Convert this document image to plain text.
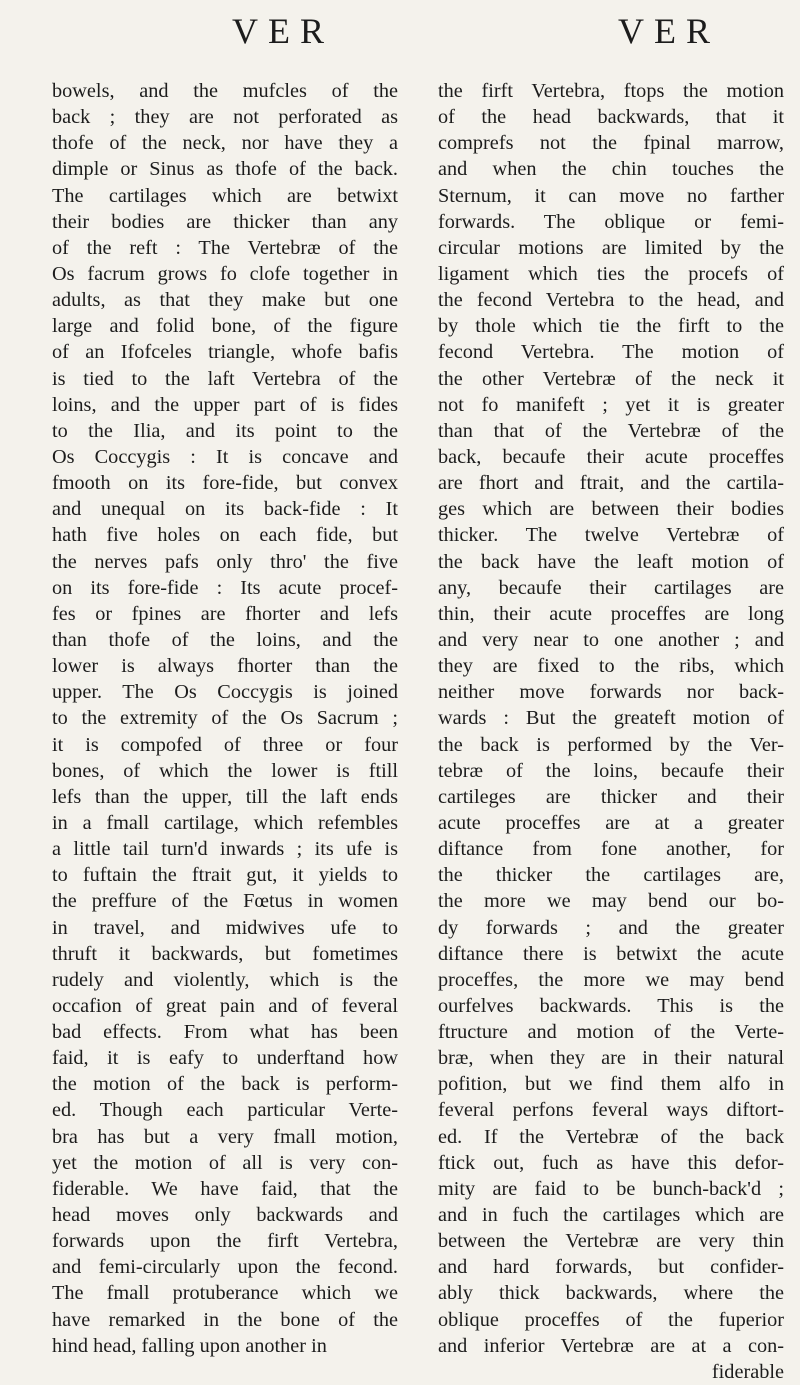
VER	VER
bowels, and the mufcles of the
back ; they are not perforated as
thofe of the neck, nor have they a
dimple or Sinus as thofe of the back.
The cartilages which are betwixt
their bodies are thicker than any
of the reft : The Vertebræ of the
Os facrum grows fo clofe together in
adults, as that they make but one
large and folid bone, of the figure
of an Ifofceles triangle, whofe bafis
is tied to the laft Vertebra of the
loins, and the upper part of is fides
to the Ilia, and its point to the
Os Coccygis : It is concave and
fmooth on its fore-fide, but convex
and unequal on its back-fide : It
hath five holes on each fide, but
the nerves pafs only thro' the five
on its fore-fide : Its acute procef-
fes or fpines are fhorter and lefs
than thofe of the loins, and the
lower is always fhorter than the
upper. The Os Coccygis is joined
to the extremity of the Os Sacrum ;
it is compofed of three or four
bones, of which the lower is ftill
lefs than the upper, till the laft ends
in a fmall cartilage, which refembles
a little tail turn'd inwards ; its ufe is
to fuftain the ftrait gut, it yields to
the preffure of the Fœtus in women
in travel, and midwives ufe to
thruft it backwards, but fometimes
rudely and violently, which is the
occafion of great pain and of feveral
bad effects. From what has been
faid, it is eafy to underftand how
the motion of the back is perform-
ed. Though each particular Verte-
bra has but a very fmall motion,
yet the motion of all is very con-
fiderable. We have faid, that the
head moves only backwards and
forwards upon the firft Vertebra,
and femi-circularly upon the fecond.
The fmall protuberance which we
have remarked in the bone of the
hind head, falling upon another in
the firft Vertebra, ftops the motion
of the head backwards, that it
comprefs not the fpinal marrow,
and when the chin touches the
Sternum, it can move no farther
forwards. The oblique or femi-
circular motions are limited by the
ligament which ties the procefs of
the fecond Vertebra to the head, and
by thole which tie the firft to the
fecond Vertebra. The motion of
the other Vertebræ of the neck it
not fo manifeft ; yet it is greater
than that of the Vertebræ of the
back, becaufe their acute proceffes
are fhort and ftrait, and the cartila-
ges which are between their bodies
thicker. The twelve Vertebræ of
the back have the leaft motion of
any, becaufe their cartilages are
thin, their acute proceffes are long
and very near to one another ; and
they are fixed to the ribs, which
neither move forwards nor back-
wards : But the greateft motion of
the back is performed by the Ver-
tebræ of the loins, becaufe their
cartileges are thicker and their
acute proceffes are at a greater
diftance from fone another, for
the thicker the cartilages are,
the more we may bend our bo-
dy forwards ; and the greater
diftance there is betwixt the acute
proceffes, the more we may bend
ourfelves backwards. This is the
ftructure and motion of the Verte-
bræ, when they are in their natural
pofition, but we find them alfo in
feveral perfons feveral ways diftort-
ed. If the Vertebræ of the back
ftick out, fuch as have this defor-
mity are faid to be bunch-back'd ;
and in fuch the cartilages which are
between the Vertebræ are very thin
and hard forwards, but confider-
ably thick backwards, where the
oblique proceffes of the fuperior
and inferior Vertebræ are at a con-
fiderable
